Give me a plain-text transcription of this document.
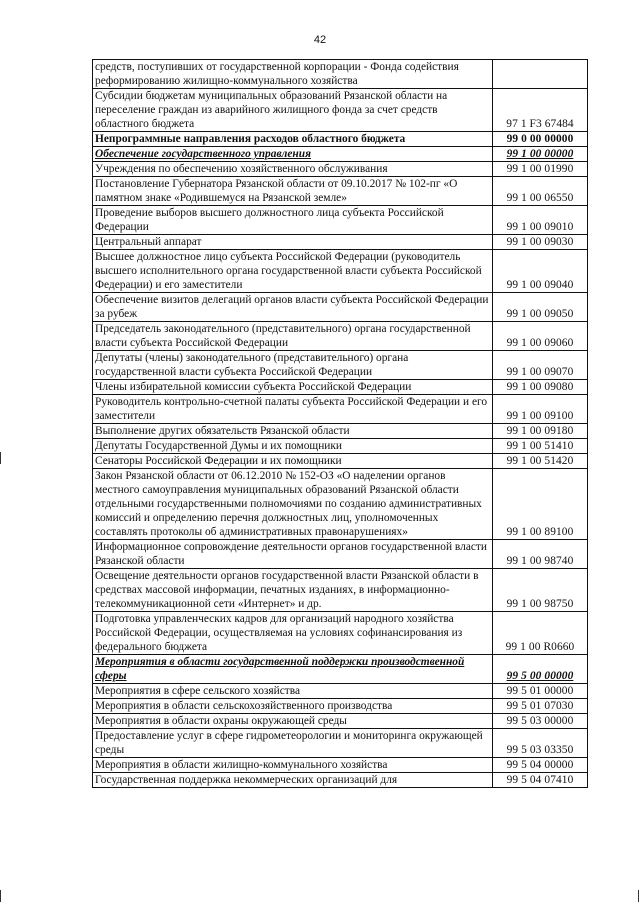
42
средств, поступивших от государственной корпорации - Фонда содействия реформированию жилищно-коммунального хозяйства	
Субсидии бюджетам муниципальных образований Рязанской области на переселение граждан из аварийного жилищного фонда за счет средств областного бюджета	97 1 F3 67484
Непрограммные направления расходов областного бюджета	99 0 00 00000
Обеспечение государственного управления	99 1 00 00000
Учреждения по обеспечению хозяйственного обслуживания	99 1 00 01990
Постановление Губернатора Рязанской области от 09.10.2017 № 102-пг «О памятном знаке «Родившемуся на Рязанской земле»	99 1 00 06550
Проведение выборов высшего должностного лица субъекта Российской Федерации	99 1 00 09010
Центральный аппарат	99 1 00 09030
Высшее должностное лицо субъекта Российской Федерации (руководитель высшего исполнительного органа государственной власти субъекта Российской Федерации) и его заместители	99 1 00 09040
Обеспечение визитов делегаций органов власти субъекта Российской Федерации за рубеж	99 1 00 09050
Председатель законодательного (представительного) органа государственной власти субъекта Российской Федерации	99 1 00 09060
Депутаты (члены) законодательного (представительного) органа государственной власти субъекта Российской Федерации	99 1 00 09070
Члены избирательной комиссии субъекта Российской Федерации	99 1 00 09080
Руководитель контрольно-счетной палаты субъекта Российской Федерации и его заместители	99 1 00 09100
Выполнение других обязательств Рязанской области	99 1 00 09180
Депутаты Государственной Думы и их помощники	99 1 00 51410
Сенаторы Российской Федерации и их помощники	99 1 00 51420
Закон Рязанской области от 06.12.2010 № 152-ОЗ «О наделении органов местного самоуправления муниципальных образований Рязанской области отдельными государственными полномочиями по созданию административных комиссий и определению перечня должностных лиц, уполномоченных составлять протоколы об административных правонарушениях»	99 1 00 89100
Информационное сопровождение деятельности органов государственной власти Рязанской области	99 1 00 98740
Освещение деятельности органов государственной власти Рязанской области в средствах массовой информации, печатных изданиях, в информационно-телекоммуникационной сети «Интернет» и др.	99 1 00 98750
Подготовка управленческих кадров для организаций народного хозяйства Российской Федерации, осуществляемая на условиях софинансирования из федерального бюджета	99 1 00 R0660
Мероприятия в области государственной поддержки производственной сферы	99 5 00 00000
Мероприятия в сфере сельского хозяйства	99 5 01 00000
Мероприятия в области сельскохозяйственного производства	99 5 01 07030
Мероприятия в области охраны окружающей среды	99 5 03 00000
Предоставление услуг в сфере гидрометеорологии и мониторинга окружающей среды	99 5 03 03350
Мероприятия в области жилищно-коммунального хозяйства	99 5 04 00000
Государственная поддержка некоммерческих организаций для	99 5 04 07410
